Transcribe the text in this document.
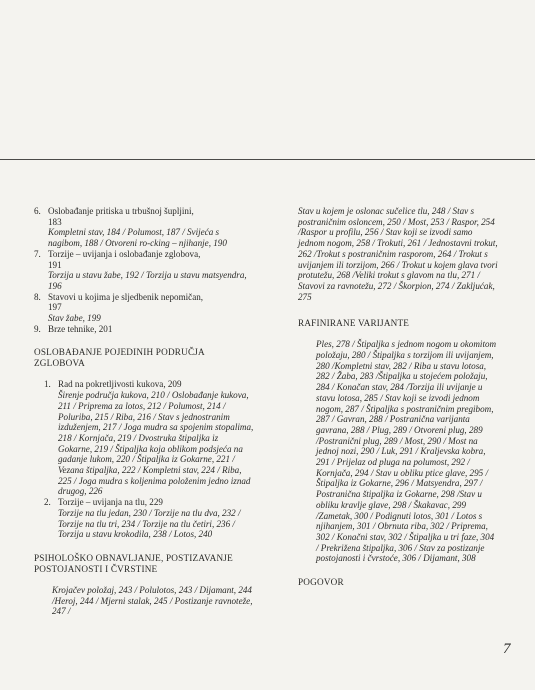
6. Oslobađanje pritiska u trbušnoj šupljini,
183
Kompletni stav, 184 / Polumost, 187 / Svijeća s nagibom, 188 / Otvoreni ro-cking – njihanje, 190
7. Torzije – uvijanja i oslobađanje zglobova,
191
Torzija u stavu žabe, 192 / Torzija u stavu matsyendra, 196
8. Stavovi u kojima je sljedbenik nepomičan,
197
Stav žabe, 199
9. Brze tehnike, 201
OSLOBAĐANJE POJEDINIH PODRUČJA ZGLOBOVA
1. Rad na pokretljivosti kukova, 209
Širenje područja kukova, 210 / Oslobađanje kukova, 211 / Priprema za lotos, 212 / Polumost, 214 / Poluriba, 215 / Riba, 216 / Stav s jednostranim izduženjem, 217 / Joga mudra sa spojenim stopalima, 218 / Kornjača, 219 / Dvostruka štipaljka iz Gokarne, 219 / Štipaljka koja oblikom podsjeća na gadanje lukom, 220 / Štipaljka iz Gokarne, 221 / Vezana štipaljka, 222 / Kompletni stav, 224 / Riba, 225 / Joga mudra s koljenima položenim jedno iznad drugog, 226
2. Torzije – uvijanja na tlu, 229
Torzije na tlu jedan, 230 / Torzije na tlu dva, 232 / Torzije na tlu tri, 234 / Torzije na tlu četiri, 236 / Torzija u stavu krokodila, 238 / Lotos, 240
PSIHOLOŠKO OBNAVLJANJE, POSTIZAVANJE POSTOJANOSTI I ČVRSTINE
Krojačev položaj, 243 / Polulotos, 243 / Dijamant, 244 /Heroj, 244 / Mjerni stalak, 245 / Postizanje ravnoteže, 247 /
Stav u kojem je oslonac sučelice tlu, 248 / Stav s postraničnim osloncem, 250 / Most, 253 / Raspor, 254 /Raspor u profilu, 256 / Stav koji se izvodi samo jednom nogom, 258 / Trokuti, 261 / Jednostavni trokut, 262 /Trokut s postraničnim rasporom, 264 / Trokut s uvijanjem ili torzijom, 266 / Trokut u kojem glava tvori protutežu, 268 /Veliki trokut s glavom na tlu, 271 / Stavovi za ravnotežu, 272 / Škorpion, 274 / Zakljućak, 275
RAFINIRANE VARIJANTE
Ples, 278 / Štipaljka s jednom nogom u okomitom položaju, 280 / Štipaljka s torzijom ili uvijanjem, 280 /Kompletni stav, 282 / Riba u stavu lotosa, 282 / Žaba, 283 /Štipaljka u stojećem položaju, 284 / Konačan stav, 284 /Torzija ili uvijanje u stavu lotosa, 285 / Stav koji se izvodi jednom nogom, 287 / Štipaljka s postraničnim pregibom, 287 / Gavran, 288 / Postranična varijanta gavrana, 288 / Plug, 289 / Otvoreni plug, 289 /Postranični plug, 289 / Most, 290 / Most na jednoj nozi, 290 / Luk, 291 / Kraljevska kobra, 291 / Prijelaz od pluga na polumost, 292 / Kornjača, 294 / Stav u obliku ptice glave, 295 / Štipaljka iz Gokarne, 296 / Matsyendra, 297 / Postranična štipaljka iz Gokarne, 298 /Stav u obliku kravlje glave, 298 / Škakavac, 299 /Zametak, 300 / Podignuti lotos, 301 / Lotos s njihanjem, 301 / Obrnuta riba, 302 / Priprema, 302 / Konačni stav, 302 / Štipaljka u tri faze, 304 / Prekrižena štipaljka, 306 / Stav za postizanje postojanosti i čvrstoće, 306 / Dijamant, 308
POGOVOR
7
